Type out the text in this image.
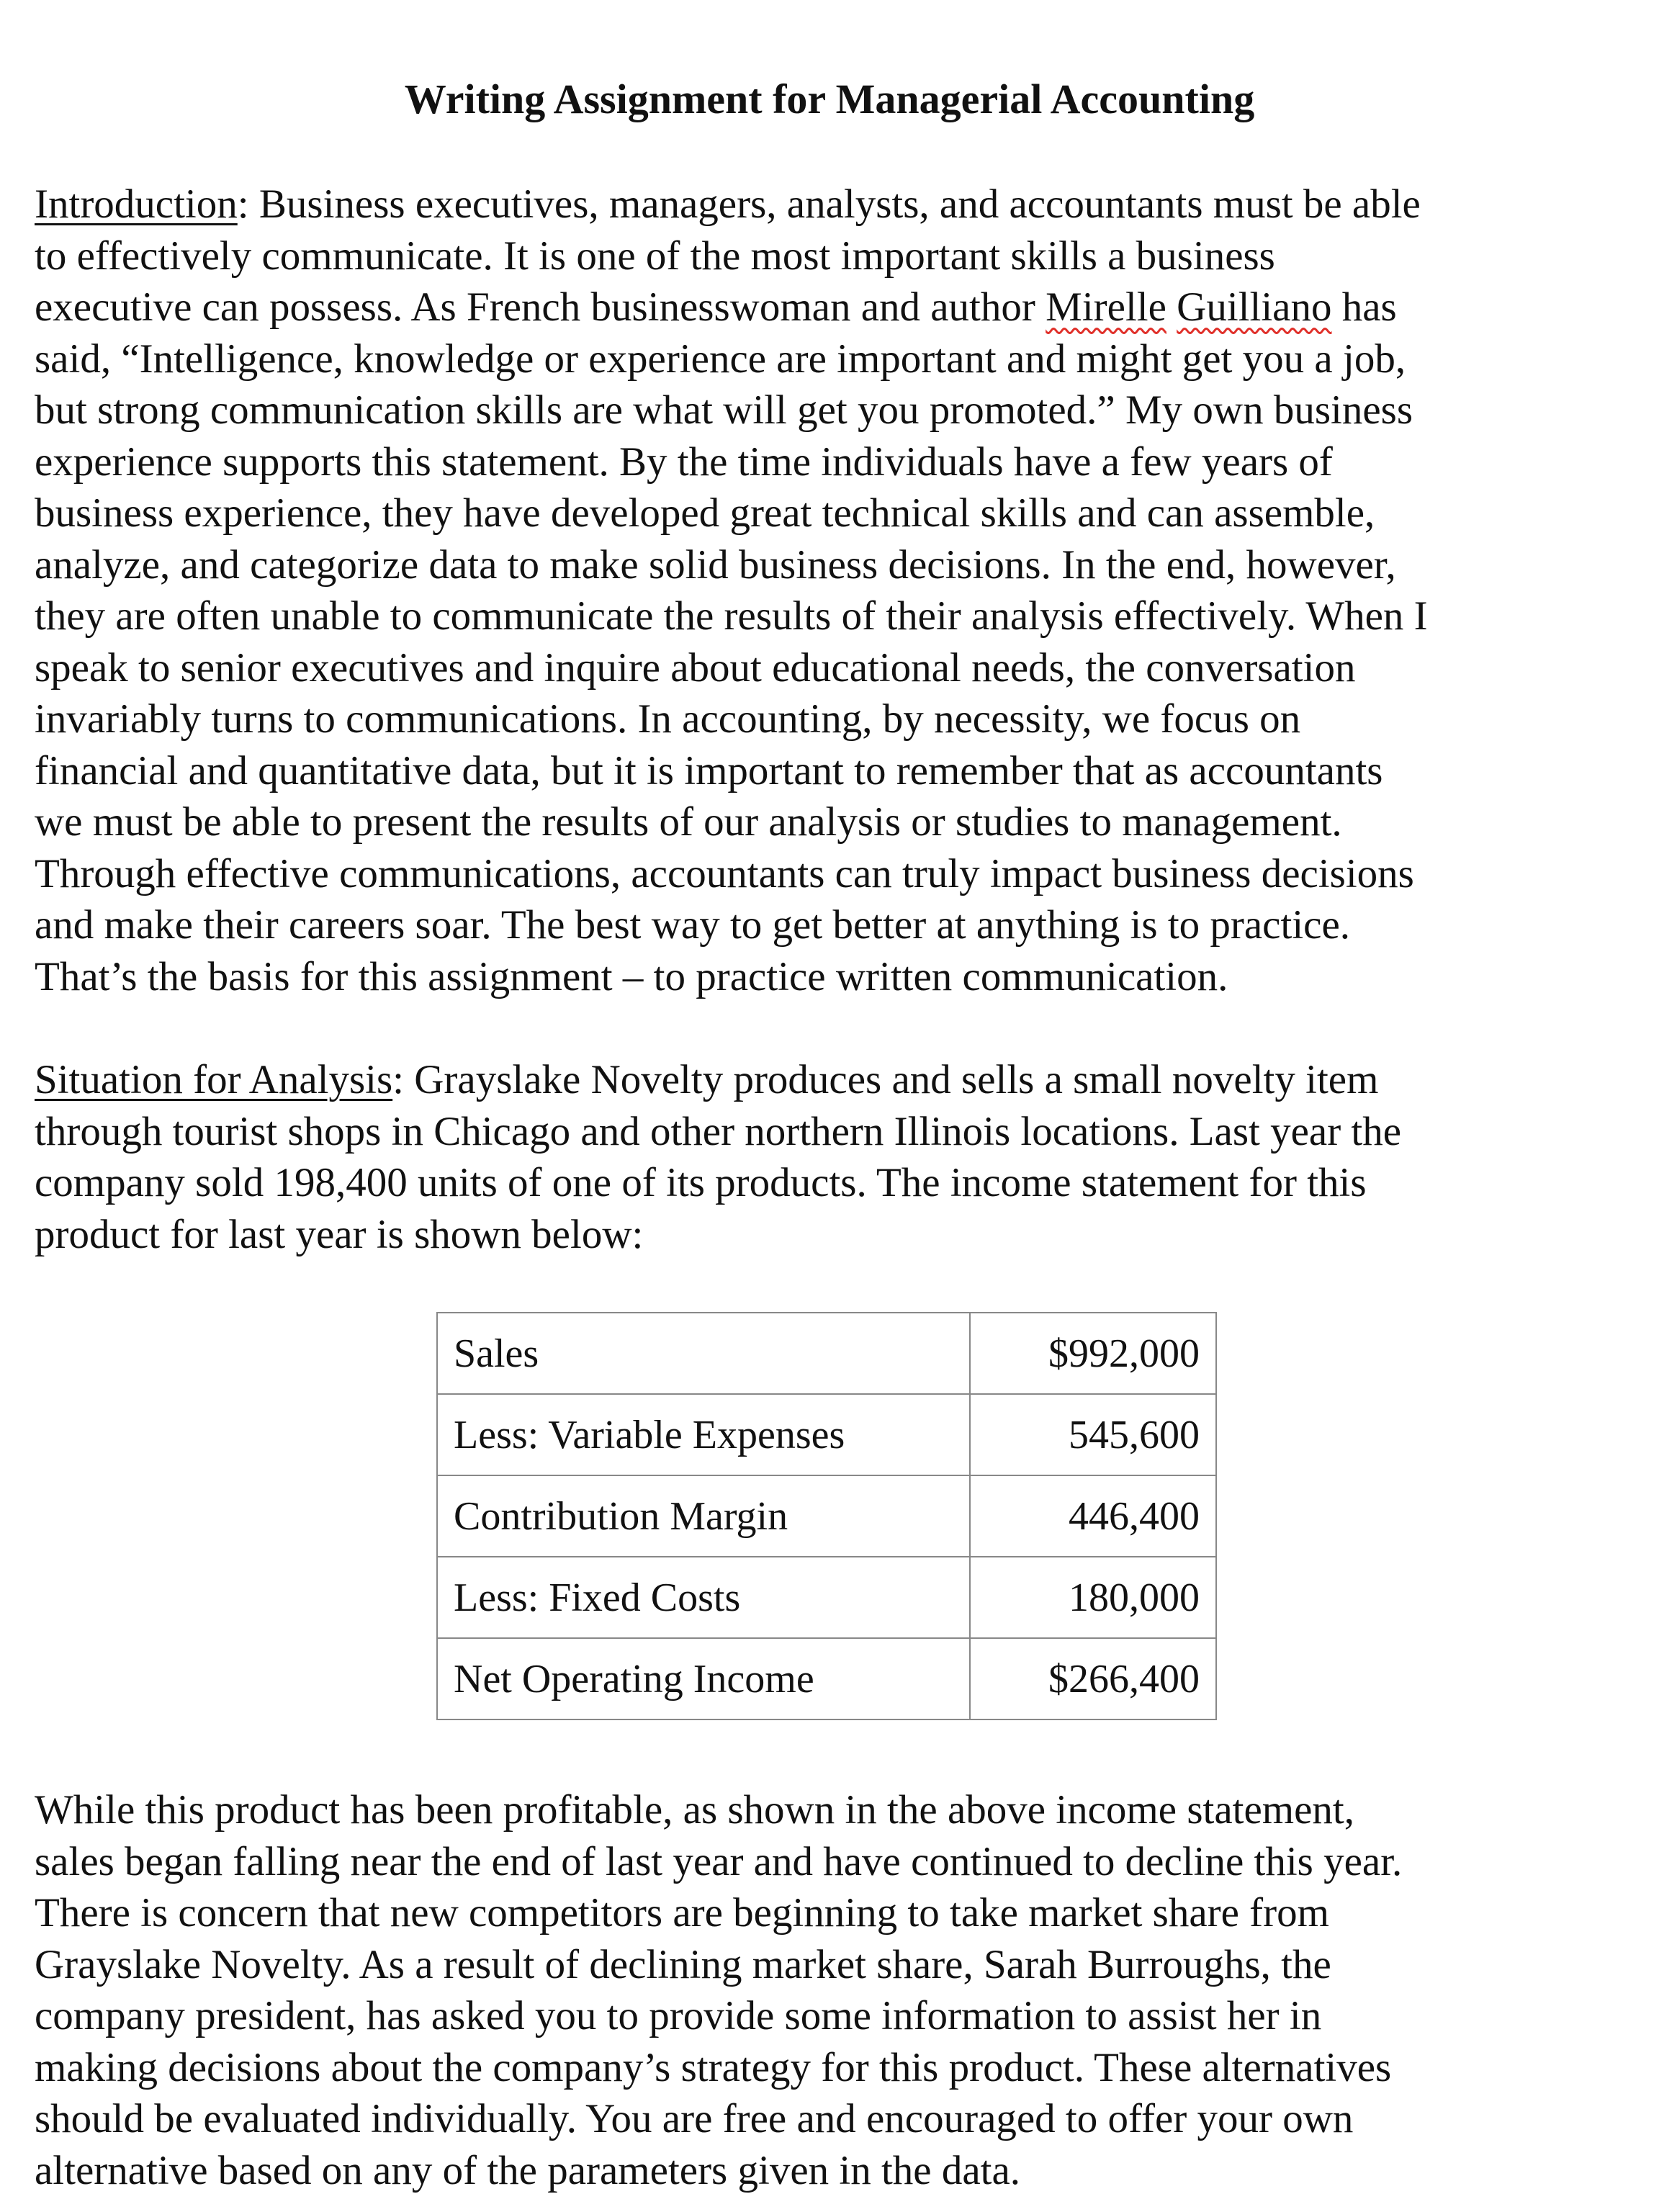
Writing Assignment for Managerial Accounting
Introduction: Business executives, managers, analysts, and accountants must be able
to effectively communicate. It is one of the most important skills a business
executive can possess. As French businesswoman and author Mirelle Guilliano has
said, “Intelligence, knowledge or experience are important and might get you a job,
but strong communication skills are what will get you promoted.” My own business
experience supports this statement. By the time individuals have a few years of
business experience, they have developed great technical skills and can assemble,
analyze, and categorize data to make solid business decisions. In the end, however,
they are often unable to communicate the results of their analysis effectively. When I
speak to senior executives and inquire about educational needs, the conversation
invariably turns to communications. In accounting, by necessity, we focus on
financial and quantitative data, but it is important to remember that as accountants
we must be able to present the results of our analysis or studies to management.
Through effective communications, accountants can truly impact business decisions
and make their careers soar. The best way to get better at anything is to practice.
That’s the basis for this assignment – to practice written communication.
Situation for Analysis: Grayslake Novelty produces and sells a small novelty item
through tourist shops in Chicago and other northern Illinois locations. Last year the
company sold 198,400 units of one of its products. The income statement for this
product for last year is shown below:
Sales	$992,000
Less: Variable Expenses	545,600
Contribution Margin	446,400
Less: Fixed Costs	180,000
Net Operating Income	$266,400
While this product has been profitable, as shown in the above income statement,
sales began falling near the end of last year and have continued to decline this year.
There is concern that new competitors are beginning to take market share from
Grayslake Novelty. As a result of declining market share, Sarah Burroughs, the
company president, has asked you to provide some information to assist her in
making decisions about the company’s strategy for this product. These alternatives
should be evaluated individually. You are free and encouraged to offer your own
alternative based on any of the parameters given in the data.
